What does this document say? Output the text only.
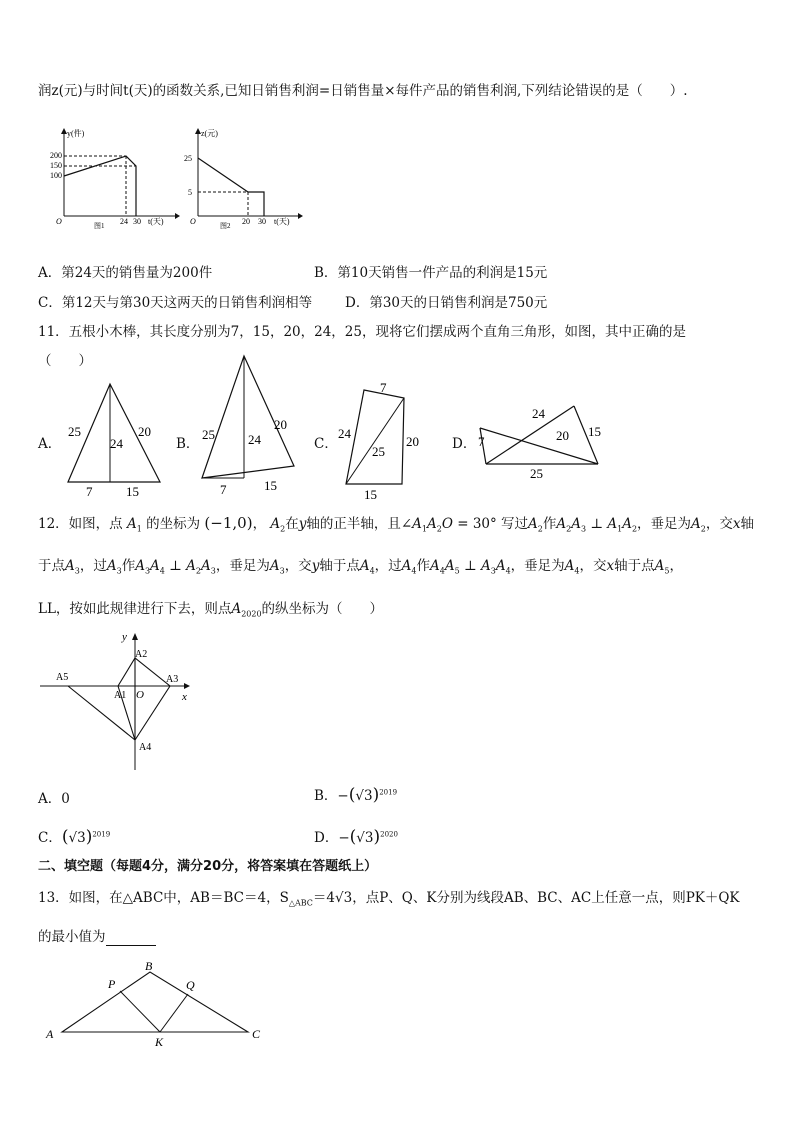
润z(元)与时间t(天)的函数关系,已知日销售利润=日销售量×每件产品的销售利润,下列结论错误的是（　　）.
y(件)
200
150
100
O	24 30 t(天)
图1
z(元)
25
5
O	20 30 t(天)
图2
A．第24天的销售量为200件	B．第10天销售一件产品的利润是15元
C．第12天与第30天这两天的日销售利润相等 D．第30天的日销售利润是750元
11．五根小木棒，其长度分别为7，15，20，24，25，现将它们摆成两个直角三角形，如图，其中正确的是
（　　）
A．
25
24
20
7	15
B．
25	24
20
7	15
C．
7
24
25
20
15
D． 7
24
20 15
25
12．如图，点 $A_1$ 的坐标为 (−1,0)， $A_2$在y轴的正半轴，且$\angle A_1A_2O = 30^\circ$ 写过$A_2$作$A_2A_3$ ⊥ $A_1A_2$，垂足为$A_2$，交x轴
于点$A_3$，过$A_3$作$A_3A_4$ ⊥ $A_2A_3$，垂足为$A_3$，交y轴于点$A_4$，过$A_4$作$A_4A_5$ ⊥ $A_3A_4$，垂足为$A_4$，交x轴于点$A_5$，
LL，按如此规律进行下去，则点$A_{2020}$的纵坐标为（　　）
y
x
O
A1
A2
A3
A4
A5
A．0	B．$-(√3)^{2019}$
C．$(√3)^{2019}$	D．$-(√3)^{2020}$
二、填空题（每题4分，满分20分，将答案填在答题纸上）
13．如图，在△ABC中，AB＝BC＝4，$S_{\triangle ABC}=4√3$，点P、Q、K分别为线段AB、BC、AC上任意一点，则PK＋QK
的最小值为
A
B
C
P	Q
K
